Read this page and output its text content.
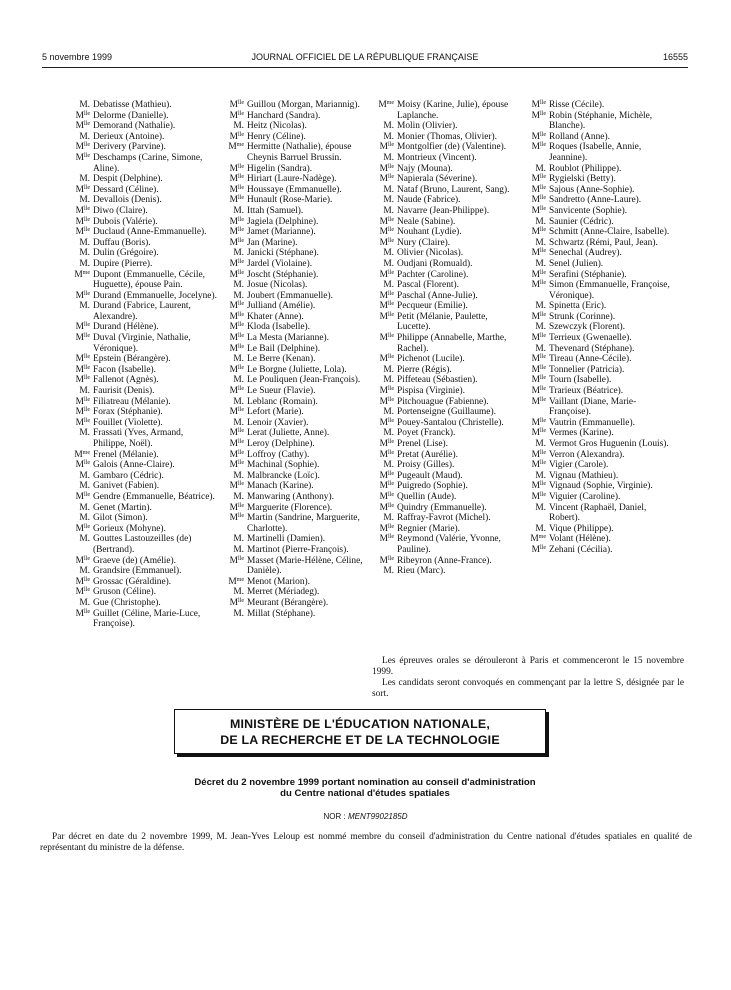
5 novembre 1999	JOURNAL OFFICIEL DE LA RÉPUBLIQUE FRANÇAISE	16555
M. Debatisse (Mathieu).
$M^{lle}$ Delorme (Danielle).
$M^{lle}$ Demorand (Nathalie).
M. Derieux (Antoine).
$M^{lle}$ Derivery (Parvine).
$M^{lle}$ Deschamps (Carine, Simone, Aline).
M. Despit (Delphine).
$M^{lle}$ Dessard (Céline).
M. Devallois (Denis).
$M^{lle}$ Diwo (Claire).
$M^{lle}$ Dubois (Valérie).
$M^{lle}$ Duclaud (Anne-Emmanuelle).
M. Duffau (Boris).
M. Dulin (Grégoire).
M. Dupire (Pierre).
$M^{me}$ Dupont (Emmanuelle, Cécile, Huguette), épouse Pain.
$M^{lle}$ Durand (Emmanuelle, Jocelyne).
M. Durand (Fabrice, Laurent, Alexandre).
$M^{lle}$ Durand (Hélène).
$M^{lle}$ Duval (Virginie, Nathalie, Véronique).
$M^{lle}$ Epstein (Bérangère).
$M^{lle}$ Facon (Isabelle).
$M^{lle}$ Fallenot (Agnès).
M. Faurisit (Denis).
$M^{lle}$ Filiatreau (Mélanie).
$M^{lle}$ Forax (Stéphanie).
$M^{lle}$ Fouillet (Violette).
M. Frassati (Yves, Armand, Philippe, Noël).
$M^{me}$ Frenel (Mélanie).
$M^{lle}$ Galois (Anne-Claire).
M. Gambaro (Cédric).
M. Ganivet (Fabien).
$M^{lle}$ Gendre (Emmanuelle, Béatrice).
M. Genet (Martin).
M. Gilot (Simon).
$M^{lle}$ Gorieux (Mohyne).
M. Gouttes Lastouzeilles (de) (Bertrand).
$M^{lle}$ Graeve (de) (Amélie).
M. Grandsire (Emmanuel).
$M^{lle}$ Grossac (Géraldine).
$M^{lle}$ Gruson (Céline).
M. Gue (Christophe).
$M^{lle}$ Guillet (Céline, Marie-Luce, Françoise).
$M^{lle}$ Guillou (Morgan, Mariannig).
$M^{lle}$ Hanchard (Sandra).
M. Heitz (Nicolas).
$M^{lle}$ Henry (Céline).
$M^{me}$ Hermitte (Nathalie), épouse Cheynis Barruel Brussin.
$M^{lle}$ Higelin (Sandra).
$M^{lle}$ Hiriart (Laure-Nadège).
$M^{lle}$ Houssaye (Emmanuelle).
$M^{lle}$ Hunault (Rose-Marie).
M. Ittah (Samuel).
$M^{lle}$ Jagiela (Delphine).
$M^{lle}$ Jamet (Marianne).
$M^{lle}$ Jan (Marine).
M. Janicki (Stéphane).
$M^{lle}$ Jardel (Violaine).
$M^{lle}$ Joscht (Stéphanie).
M. Josue (Nicolas).
M. Joubert (Emmanuelle).
$M^{lle}$ Julliand (Amélie).
$M^{lle}$ Khater (Anne).
$M^{lle}$ Kloda (Isabelle).
$M^{lle}$ La Mesta (Marianne).
$M^{lle}$ Le Bail (Delphine).
M. Le Berre (Kenan).
$M^{lle}$ Le Borgne (Juliette, Lola).
M. Le Pouliquen (Jean-François).
$M^{lle}$ Le Sueur (Flavie).
M. Leblanc (Romain).
$M^{lle}$ Lefort (Marie).
M. Lenoir (Xavier).
$M^{lle}$ Lerat (Juliette, Anne).
$M^{lle}$ Leroy (Delphine).
$M^{lle}$ Loffroy (Cathy).
$M^{lle}$ Machinal (Sophie).
M. Malbrancke (Loïc).
$M^{lle}$ Manach (Karine).
M. Manwaring (Anthony).
$M^{lle}$ Marguerite (Florence).
$M^{lle}$ Martin (Sandrine, Marguerite, Charlotte).
M. Martinelli (Damien).
M. Martinot (Pierre-François).
$M^{lle}$ Masset (Marie-Hélène, Céline, Danièle).
$M^{me}$ Menot (Marion).
M. Merret (Mériadeg).
$M^{lle}$ Meurant (Bérangère).
M. Millat (Stéphane).
$M^{me}$ Moisy (Karine, Julie), épouse Laplanche.
M. Molin (Olivier).
M. Monier (Thomas, Olivier).
$M^{lle}$ Montgolfier (de) (Valentine).
M. Montrieux (Vincent).
$M^{lle}$ Najy (Mouna).
$M^{lle}$ Napierala (Séverine).
M. Nataf (Bruno, Laurent, Sang).
M. Naude (Fabrice).
M. Navarre (Jean-Philippe).
$M^{lle}$ Neale (Sabine).
$M^{lle}$ Nouhant (Lydie).
$M^{lle}$ Nury (Claire).
M. Olivier (Nicolas).
M. Oudjani (Romuald).
$M^{lle}$ Pachter (Caroline).
M. Pascal (Florent).
$M^{lle}$ Paschal (Anne-Julie).
$M^{lle}$ Pecqueur (Emilie).
$M^{lle}$ Petit (Mélanie, Paulette, Lucette).
$M^{lle}$ Philippe (Annabelle, Marthe, Rachel).
$M^{lle}$ Pichenot (Lucile).
M. Pierre (Régis).
M. Piffeteau (Sébastien).
$M^{lle}$ Pispisa (Virginie).
$M^{lle}$ Pitchouague (Fabienne).
M. Portenseigne (Guillaume).
$M^{lle}$ Pouey-Santalou (Christelle).
M. Poyet (Franck).
$M^{lle}$ Prenel (Lise).
$M^{lle}$ Pretat (Aurélie).
M. Proisy (Gilles).
$M^{lle}$ Pugeault (Maud).
$M^{lle}$ Puigredo (Sophie).
$M^{lle}$ Quellin (Aude).
$M^{lle}$ Quindry (Emmanuelle).
M. Raffray-Favrot (Michel).
$M^{lle}$ Regnier (Marie).
$M^{lle}$ Reymond (Valérie, Yvonne, Pauline).
$M^{lle}$ Ribeyron (Anne-France).
M. Rieu (Marc).
$M^{lle}$ Risse (Cécile).
$M^{lle}$ Robin (Stéphanie, Michèle, Blanche).
$M^{lle}$ Rolland (Anne).
$M^{lle}$ Roques (Isabelle, Annie, Jeannine).
M. Roublot (Philippe).
$M^{lle}$ Rygielski (Betty).
$M^{lle}$ Sajous (Anne-Sophie).
$M^{lle}$ Sandretto (Anne-Laure).
$M^{lle}$ Sanvicente (Sophie).
M. Saunier (Cédric).
$M^{lle}$ Schmitt (Anne-Claire, Isabelle).
M. Schwartz (Rémi, Paul, Jean).
$M^{lle}$ Senechal (Audrey).
M. Senel (Julien).
$M^{lle}$ Serafini (Stéphanie).
$M^{lle}$ Simon (Emmanuelle, Françoise, Véronique).
M. Spinetta (Eric).
$M^{lle}$ Strunk (Corinne).
M. Szewczyk (Florent).
$M^{lle}$ Terrieux (Gwenaelle).
M. Thevenard (Stéphane).
$M^{lle}$ Tireau (Anne-Cécile).
$M^{lle}$ Tonnelier (Patricia).
$M^{lle}$ Tourn (Isabelle).
$M^{lle}$ Trarieux (Béatrice).
$M^{lle}$ Vaillant (Diane, Marie-Françoise).
$M^{lle}$ Vautrin (Emmanuelle).
$M^{lle}$ Vermes (Karine).
M. Vermot Gros Huguenin (Louis).
$M^{lle}$ Verron (Alexandra).
$M^{lle}$ Vigier (Carole).
M. Vignau (Mathieu).
$M^{lle}$ Vignaud (Sophie, Virginie).
$M^{lle}$ Viguier (Caroline).
M. Vincent (Raphaël, Daniel, Robert).
M. Vique (Philippe).
$M^{me}$ Volant (Hélène).
$M^{lle}$ Zehani (Cécilia).
Les épreuves orales se dérouleront à Paris et commenceront le 15 novembre 1999.
Les candidats seront convoqués en commençant par la lettre S, désignée par le sort.
MINISTÈRE DE L'ÉDUCATION NATIONALE,
DE LA RECHERCHE ET DE LA TECHNOLOGIE
Décret du 2 novembre 1999 portant nomination au conseil d'administration
du Centre national d'études spatiales
NOR : MENT9902185D
Par décret en date du 2 novembre 1999, M. Jean-Yves Leloup est nommé membre du conseil d'administration du Centre national d'études spatiales en qualité de représentant du ministre de la défense.
